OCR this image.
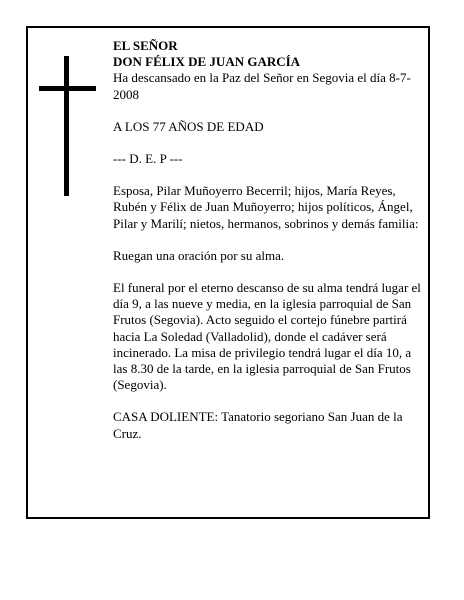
EL SEÑOR

DON FÉLIX DE JUAN GARCÍA

Ha descansado en la Paz del Señor en Segovia el día 8-7-2008

A LOS 77 AÑOS DE EDAD

--- D. E. P ---

Esposa, Pilar Muñoyerro Becerril; hijos, María Reyes, Rubén y Félix de Juan Muñoyerro; hijos políticos, Ángel, Pilar y Marilí; nietos, hermanos, sobrinos y demás familia:

Ruegan una oración por su alma.

El funeral por el eterno descanso de su alma tendrá lugar el día 9, a las nueve y media, en la iglesia parroquial de San Frutos (Segovia). Acto seguido el cortejo fúnebre partirá hacia La Soledad (Valladolid), donde el cadáver será incinerado. La misa de privilegio tendrá lugar el día 10, a las 8.30 de la tarde, en la iglesia parroquial de San Frutos (Segovia).

CASA DOLIENTE: Tanatorio segoriano San Juan de la Cruz.
